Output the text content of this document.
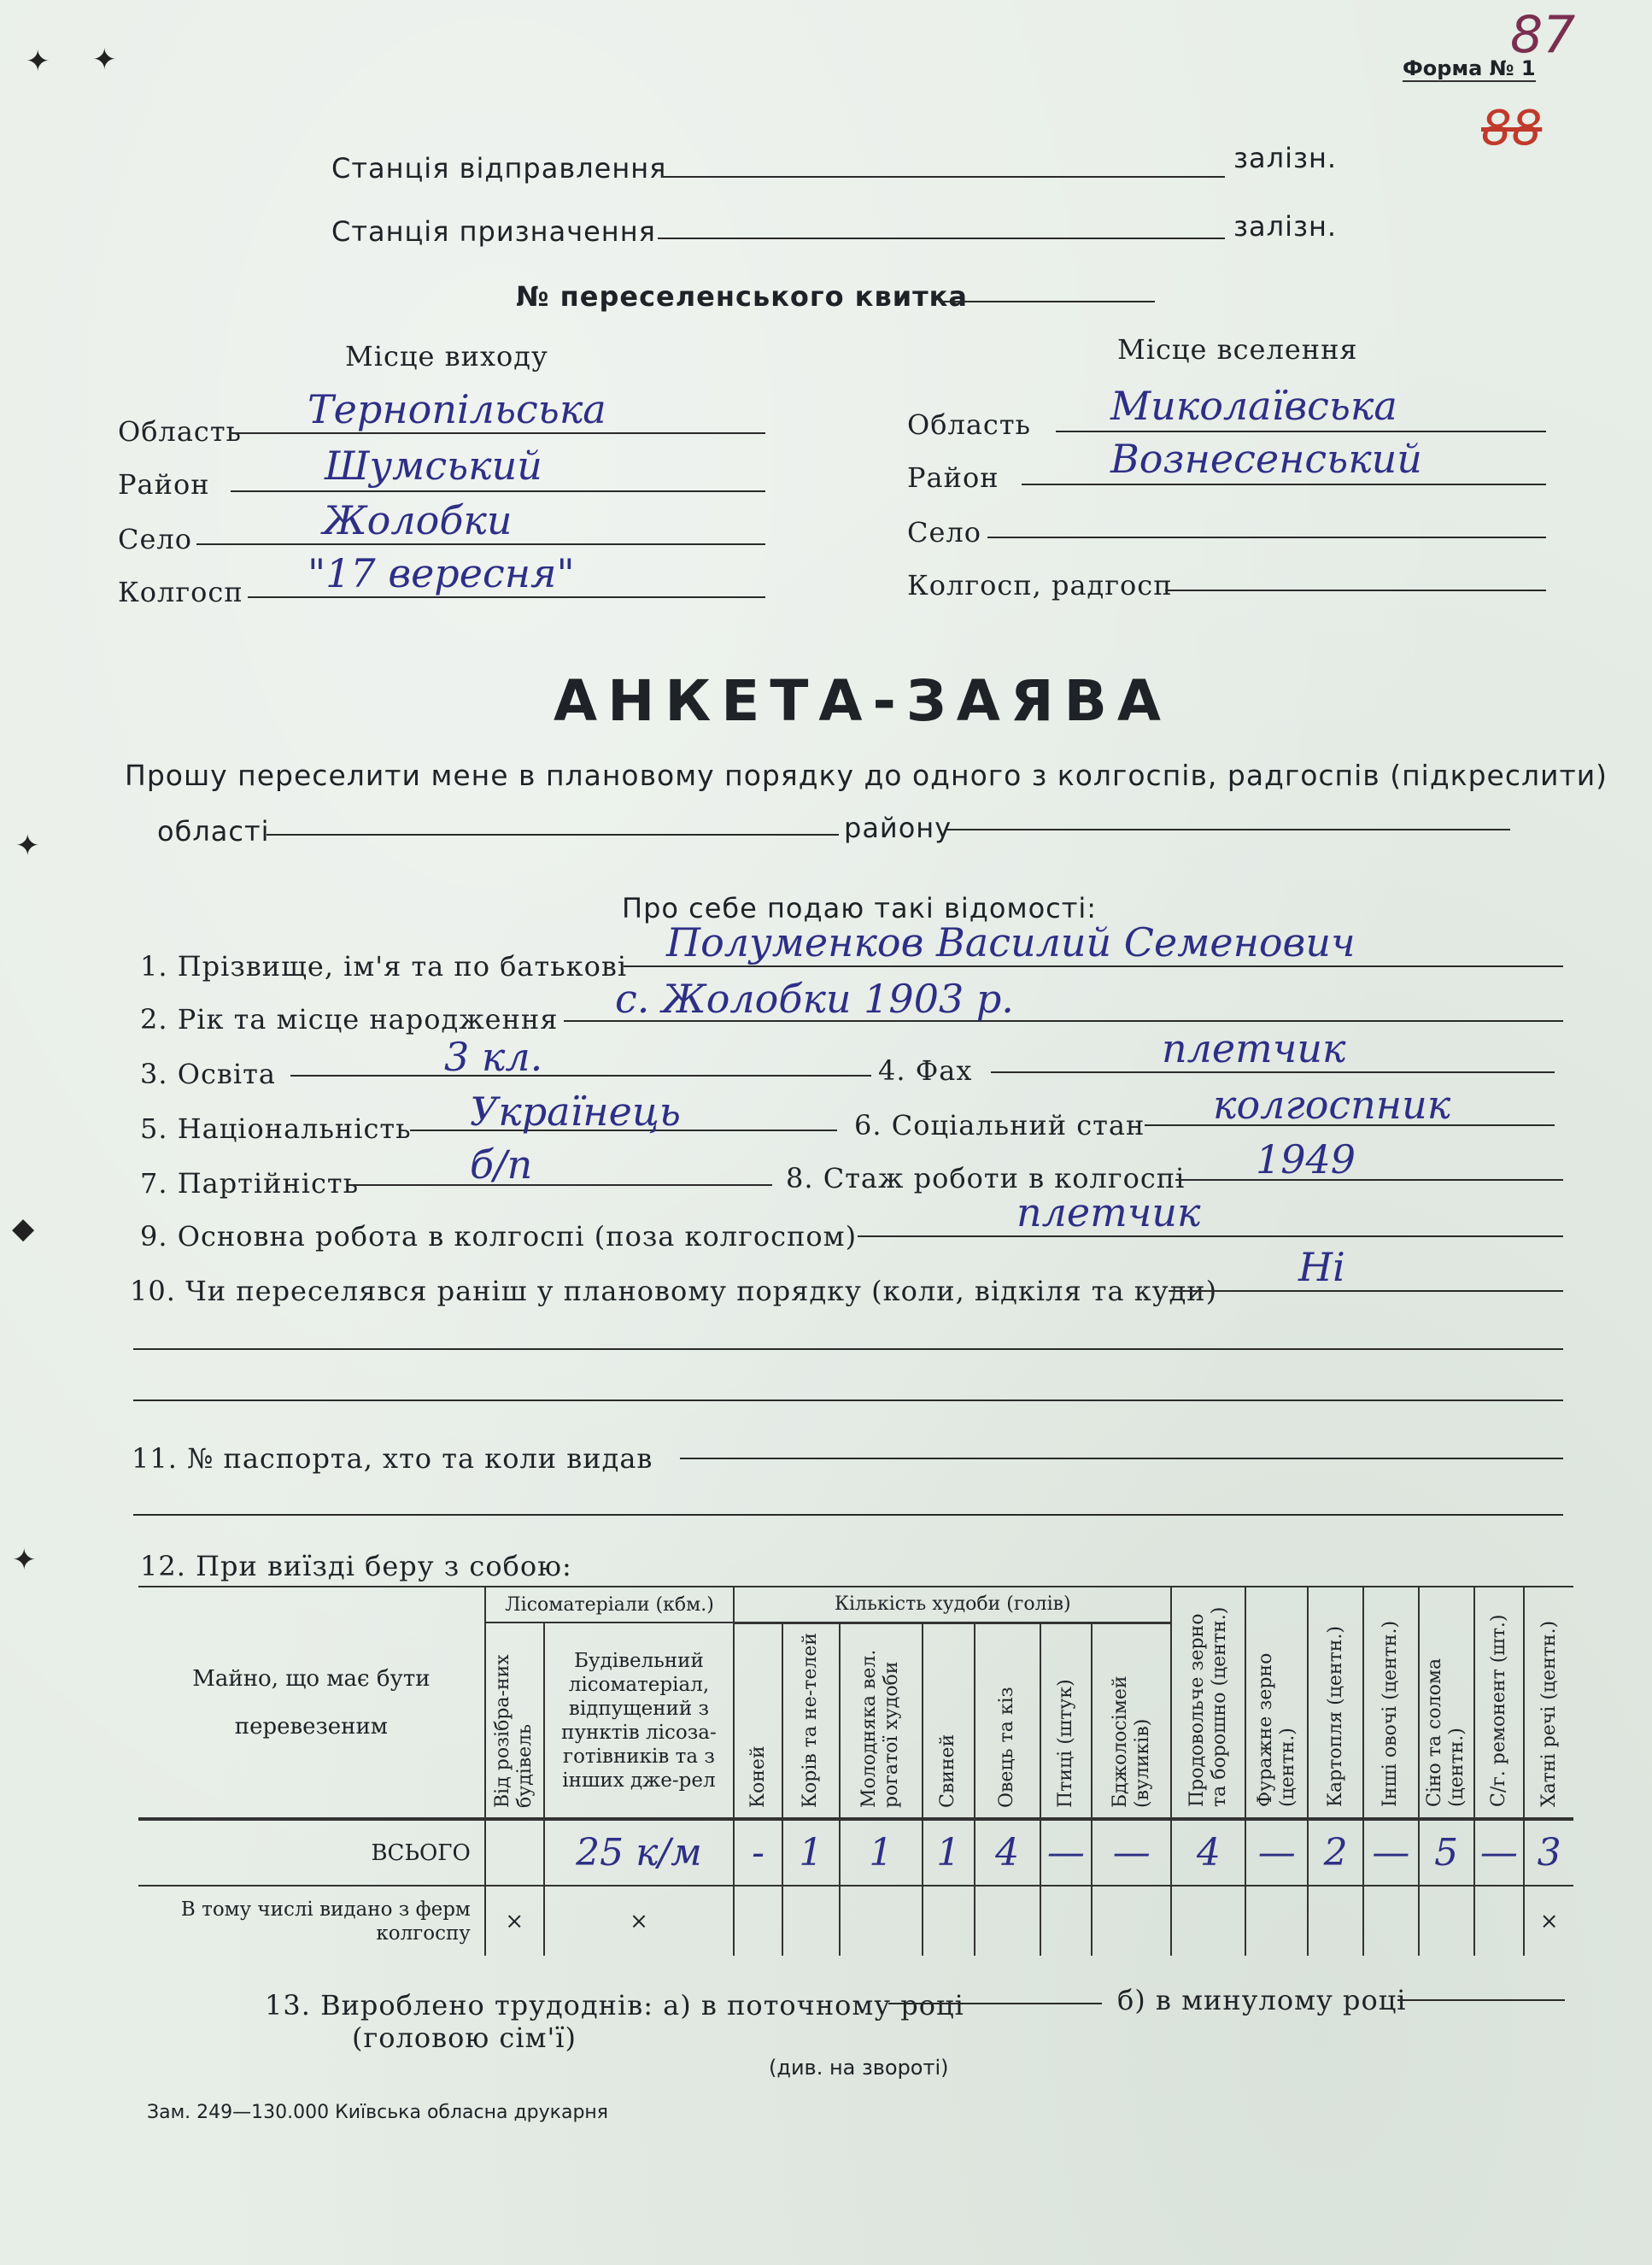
Форма № 1
87
88
Станція відправлення	залізн.
Станція призначення	залізн.
№ переселенського квитка
Місце виходу
Область Тернопільська
Район	Шумський
Село	Жолобки
Колгосп "17 вересня"
Місце вселення
Область Миколаївська
Район	Вознесенський
Село
Колгосп, радгосп
АНКЕТА-ЗАЯВА
Прошу переселити мене в плановому порядку до одного з колгоспів, радгоспів (підкреслити)
області	району
Про себе подаю такі відомості:
1. Прізвище, ім'я та по батькові
Полуменков Василий Семенович
2. Рік та місце народження с. Жолобки 1903 р.
3. Освіта	3 кл.	4. Фах	плетчик
5. Національність Українець	6. Соціальний стан колгоспник
7. Партійність	б/п	8. Стаж роботи в колгоспі 1949
9. Основна робота в колгоспі (поза колгоспом)
плетчик
10. Чи переселявся раніш у плановому порядку (коли, відкіля та куди)
Ні
11. № паспорта, хто та коли видав
12. При виїзді беру з собою:
Майно, що має бути перевезеним	Лісоматеріали (кбм.)		Кількість худоби (голів)							Продовольче зерно та борошно (центн.)	Фуражне зерно (центн.)	Картопля (центн.)	Інші овочі (центн.)	Сіно та солома (центн.)	С/г. ремонент (шт.)	Хатні речі (центн.)
	Від розібра-них будівель	Будівельний лісоматеріал, відпущений з пунктів лісоза-готівників та з інших дже-рел	Коней	Корів та не-телей	Молодняка вел. рогатої худоби	Свиней	Овець та кіз	Птиці (штук)	Бджолосімей (вуликів)							
ВСЬОГО		25 к/м	-	1	1	1	4	—	—	4	—	2	—	5	—	3
В тому числі видано з ферм колгоспу	×	×														×
13. Вироблено трудоднів: а) в поточному році	б) в минулому році
(головою сім'ї)
(див. на звороті)
Зам. 249—130.000 Київська обласна друкарня
✦ ✦
✦
◆
✦
